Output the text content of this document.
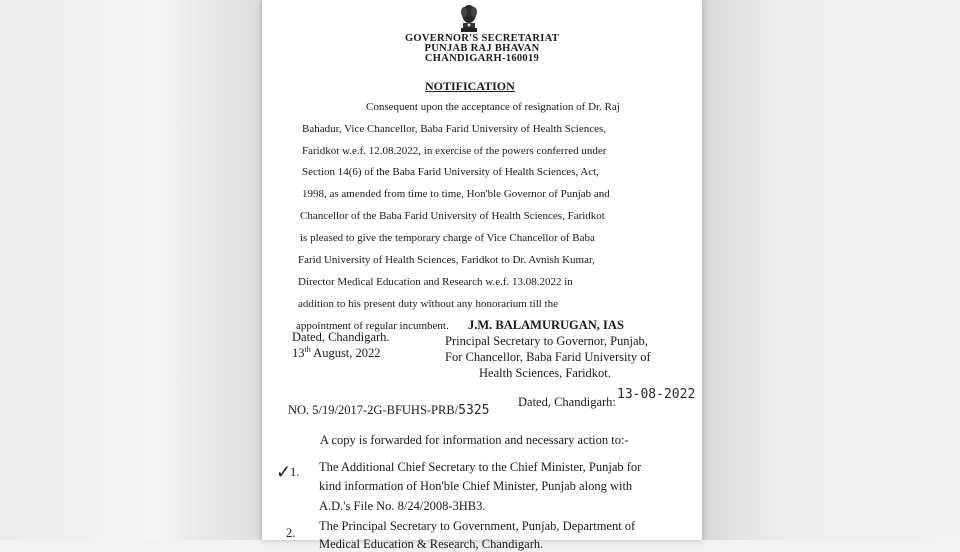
GOVERNOR'S SECRETARIAT
PUNJAB RAJ BHAVAN
CHANDIGARH-160019
NOTIFICATION
Consequent upon the acceptance of resignation of Dr. Raj
Bahadur, Vice Chancellor, Baba Farid University of Health Sciences,
Faridkot w.e.f. 12.08.2022, in exercise of the powers conferred under
Section 14(6) of the Baba Farid University of Health Sciences, Act,
1998, as amended from time to time, Hon'ble Governor of Punjab and
Chancellor of the Baba Farid University of Health Sciences, Faridkot
is pleased to give the temporary charge of Vice Chancellor of Baba
Farid University of Health Sciences, Faridkot to Dr. Avnish Kumar,
Director Medical Education and Research w.e.f. 13.08.2022 in
addition to his present duty without any honorarium till the
appointment of regular incumbent.
Dated, Chandigarh.
13th August, 2022
J.M. BALAMURUGAN, IAS
Principal Secretary to Governor, Punjab,
For Chancellor, Baba Farid University of
Health Sciences, Faridkot.
NO. 5/19/2017-2G-BFUHS-PRB/5325
Dated, Chandigarh: 13-08-2022
A copy is forwarded for information and necessary action to:-
✓
1. The Additional Chief Secretary to the Chief Minister, Punjab for
kind information of Hon'ble Chief Minister, Punjab along with
A.D.'s File No. 8/24/2008-3HB3.
2. The Principal Secretary to Government, Punjab, Department of
Medical Education & Research, Chandigarh.
